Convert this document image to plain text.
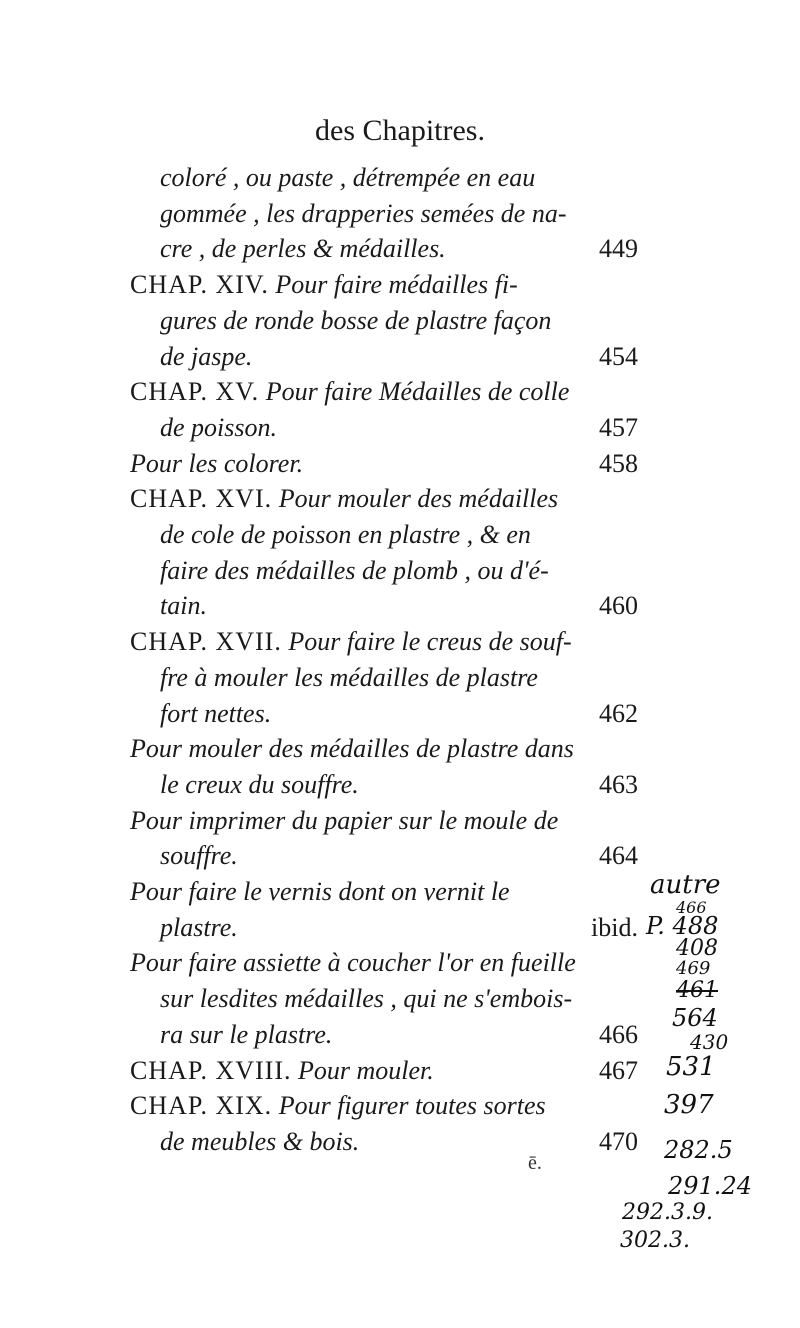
des Chapitres.
coloré , ou paste , détrempée en eau
gommée , les drapperies semées de na-
cre , de perles & médailles.	449
CHAP. XIV. Pour faire médailles fi-
gures de ronde bosse de plastre façon
de jaspe.	454
CHAP. XV. Pour faire Médailles de colle
de poisson.	457
Pour les colorer.	458
CHAP. XVI. Pour mouler des médailles
de cole de poisson en plastre , & en
faire des médailles de plomb , ou d'é-
tain.	460
CHAP. XVII. Pour faire le creus de souf-
fre à mouler les médailles de plastre
fort nettes.	462
Pour mouler des médailles de plastre dans
le creux du souffre.	463
Pour imprimer du papier sur le moule de
souffre.	464
Pour faire le vernis dont on vernit le
plastre.	ibid.
Pour faire assiette à coucher l'or en fueille
sur lesdites médailles , qui ne s'embois-
ra sur le plastre.	466
CHAP. XVIII. Pour mouler.	467
CHAP. XIX. Pour figurer toutes sortes
de meubles & bois.	470
ē.
autre
466
P. 488
408
469
461
564
430
531
397
282.5
291.24
292.3.9.
302.3.
